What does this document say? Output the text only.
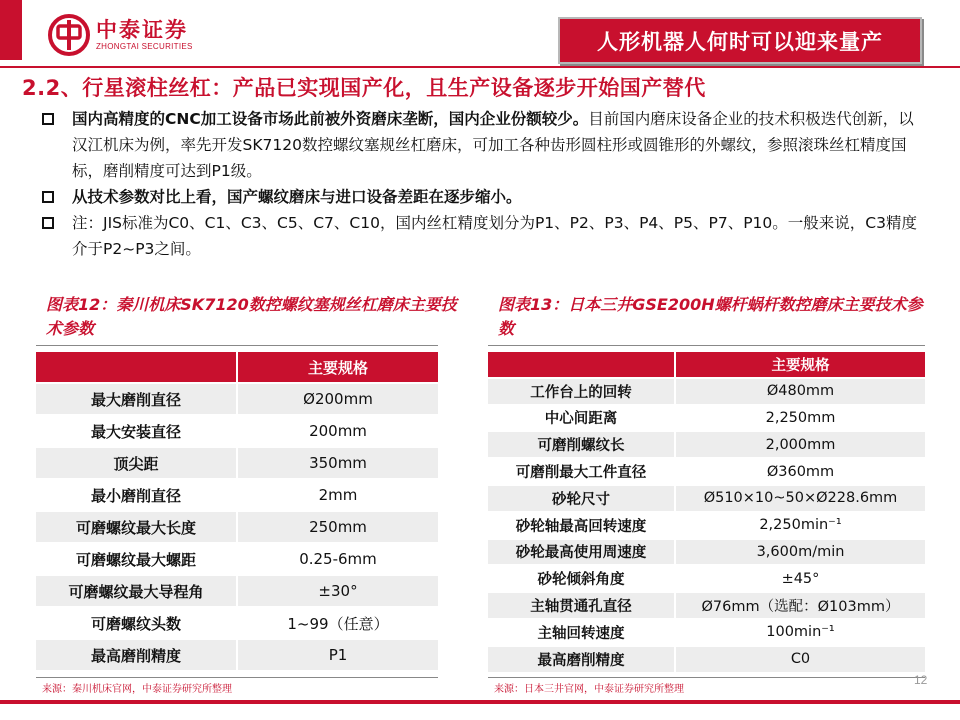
中泰证券
ZHONGTAI SECURITIES	人形机器人何时可以迎来量产
2.2、行星滚柱丝杠：产品已实现国产化，且生产设备逐步开始国产替代
国内高精度的CNC加工设备市场此前被外资磨床垄断，国内企业份额较少。目前国内磨床设备企业的技术积极迭代创新，以汉江机床为例，率先开发SK7120数控螺纹塞规丝杠磨床，可加工各种齿形圆柱形或圆锥形的外螺纹，参照滚珠丝杠精度国标，磨削精度可达到P1级。
从技术参数对比上看，国产螺纹磨床与进口设备差距在逐步缩小。
注：JIS标准为C0、C1、C3、C5、C7、C10，国内丝杠精度划分为P1、P2、P3、P4、P5、P7、P10。一般来说，C3精度介于P2~P3之间。
图表12：秦川机床SK7120数控螺纹塞规丝杠磨床主要技术参数
	主要规格
最大磨削直径	Ø200mm
最大安装直径	200mm
顶尖距	350mm
最小磨削直径	2mm
可磨螺纹最大长度	250mm
可磨螺纹最大螺距	0.25-6mm
可磨螺纹最大导程角	±30°
可磨螺纹头数	1~99（任意）
最高磨削精度	P1
来源：秦川机床官网，中泰证券研究所整理
图表13：日本三井GSE200H螺杆蜗杆数控磨床主要技术参数
	主要规格
工作台上的回转	Ø480mm
中心间距离	2,250mm
可磨削螺纹长	2,000mm
可磨削最大工件直径	Ø360mm
砂轮尺寸	Ø510×10~50×Ø228.6mm
砂轮轴最高回转速度	2,250min⁻¹
砂轮最高使用周速度	3,600m/min
砂轮倾斜角度	±45°
主轴贯通孔直径	Ø76mm（选配：Ø103mm）
主轴回转速度	100min⁻¹
最高磨削精度	C0
来源：日本三井官网，中泰证券研究所整理
12
